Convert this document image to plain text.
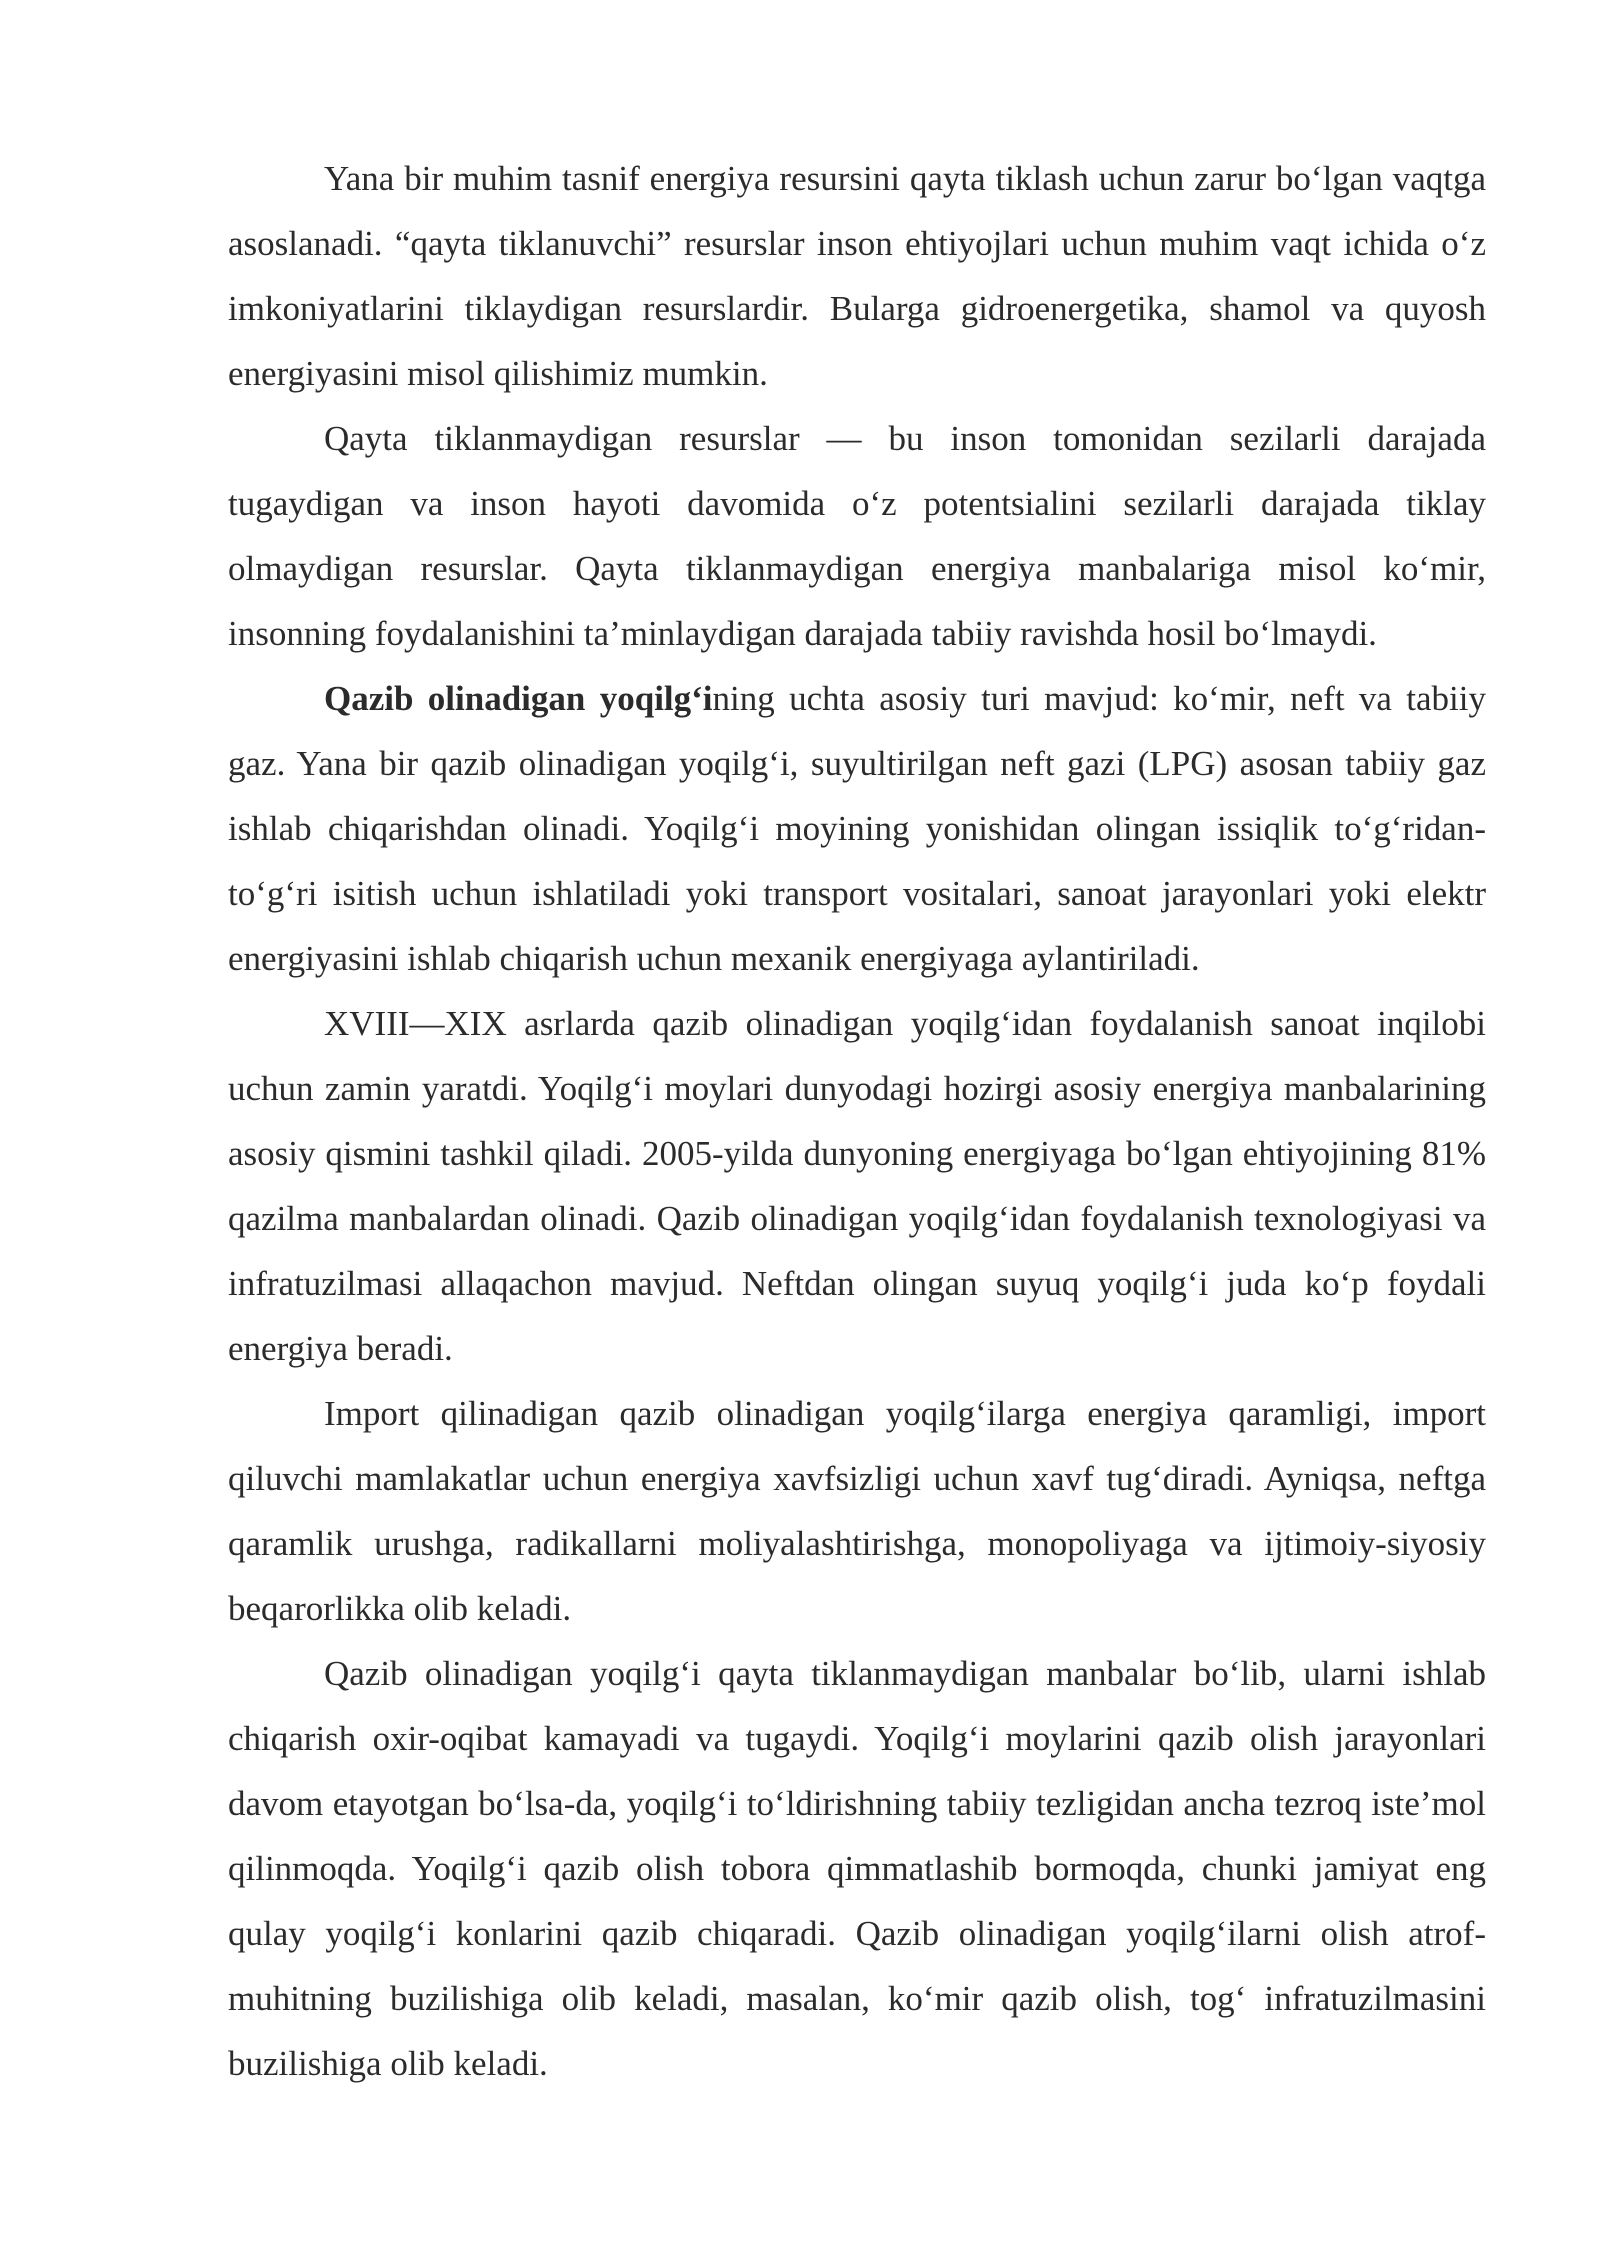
Yana bir muhim tasnif energiya resursini qayta tiklash uchun zarur boʻlgan vaqtga asoslanadi. “qayta tiklanuvchi” resurslar inson ehtiyojlari uchun muhim vaqt ichida oʻz imkoniyatlarini tiklaydigan resurslardir. Bularga gidroenergetika, shamol va quyosh energiyasini misol qilishimiz mumkin.

Qayta tiklanmaydigan resurslar — bu inson tomonidan sezilarli darajada tugaydigan va inson hayoti davomida oʻz potentsialini sezilarli darajada tiklay olmaydigan resurslar. Qayta tiklanmaydigan energiya manbalariga misol koʻmir, insonning foydalanishini ta’minlaydigan darajada tabiiy ravishda hosil boʻlmaydi.

Qazib olinadigan yoqilgʻining uchta asosiy turi mavjud: koʻmir, neft va tabiiy gaz. Yana bir qazib olinadigan yoqilgʻi, suyultirilgan neft gazi (LPG) asosan tabiiy gaz ishlab chiqarishdan olinadi. Yoqilgʻi moyining yonishidan olingan issiqlik toʻgʻridan-toʻgʻri isitish uchun ishlatiladi yoki transport vositalari, sanoat jarayonlari yoki elektr energiyasini ishlab chiqarish uchun mexanik energiyaga aylantiriladi.

XVIII—XIX asrlarda qazib olinadigan yoqilgʻidan foydalanish sanoat inqilobi uchun zamin yaratdi. Yoqilgʻi moylari dunyodagi hozirgi asosiy energiya manbalarining asosiy qismini tashkil qiladi. 2005-yilda dunyoning energiyaga boʻlgan ehtiyojining 81% qazilma manbalardan olinadi. Qazib olinadigan yoqilgʻidan foydalanish texnologiyasi va infratuzilmasi allaqachon mavjud. Neftdan olingan suyuq yoqilgʻi juda koʻp foydali energiya beradi.

Import qilinadigan qazib olinadigan yoqilgʻilarga energiya qaramligi, import qiluvchi mamlakatlar uchun energiya xavfsizligi uchun xavf tugʻdiradi. Ayniqsa, neftga qaramlik urushga, radikallarni moliyalashtirishga, monopoliyaga va ijtimoiy-siyosiy beqarorlikka olib keladi.

Qazib olinadigan yoqilgʻi qayta tiklanmaydigan manbalar boʻlib, ularni ishlab chiqarish oxir-oqibat kamayadi va tugaydi. Yoqilgʻi moylarini qazib olish jarayonlari davom etayotgan boʻlsa-da, yoqilgʻi toʻldirishning tabiiy tezligidan ancha tezroq iste’mol qilinmoqda. Yoqilgʻi qazib olish tobora qimmatlashib bormoqda, chunki jamiyat eng qulay yoqilgʻi konlarini qazib chiqaradi. Qazib olinadigan yoqilgʻilarni olish atrof-muhitning buzilishiga olib keladi, masalan, koʻmir qazib olish, togʻ infratuzilmasini buzilishiga olib keladi.
